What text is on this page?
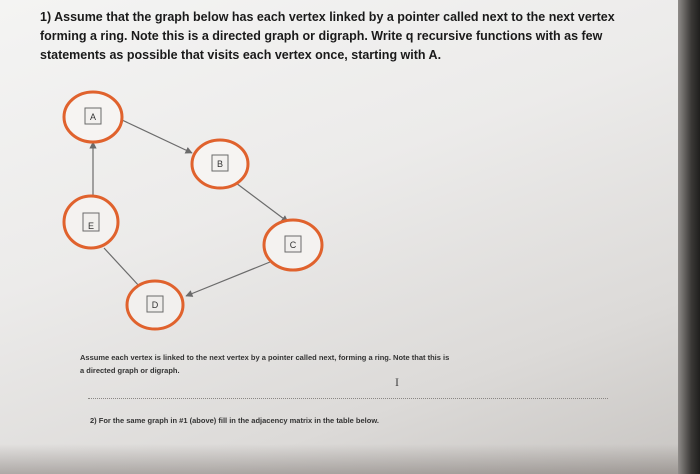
1) Assume that the graph below has each vertex linked by a pointer called next to the next vertex forming a ring. Note this is a directed graph or digraph. Write q recursive functions with as few statements as possible that visits each vertex once, starting with A.
A
B
C
D
E
Assume each vertex is linked to the next vertex by a pointer called next, forming a ring. Note that this is
a directed graph or digraph.
I
2) For the same graph in #1 (above) fill in the adjacency matrix in the table below.
